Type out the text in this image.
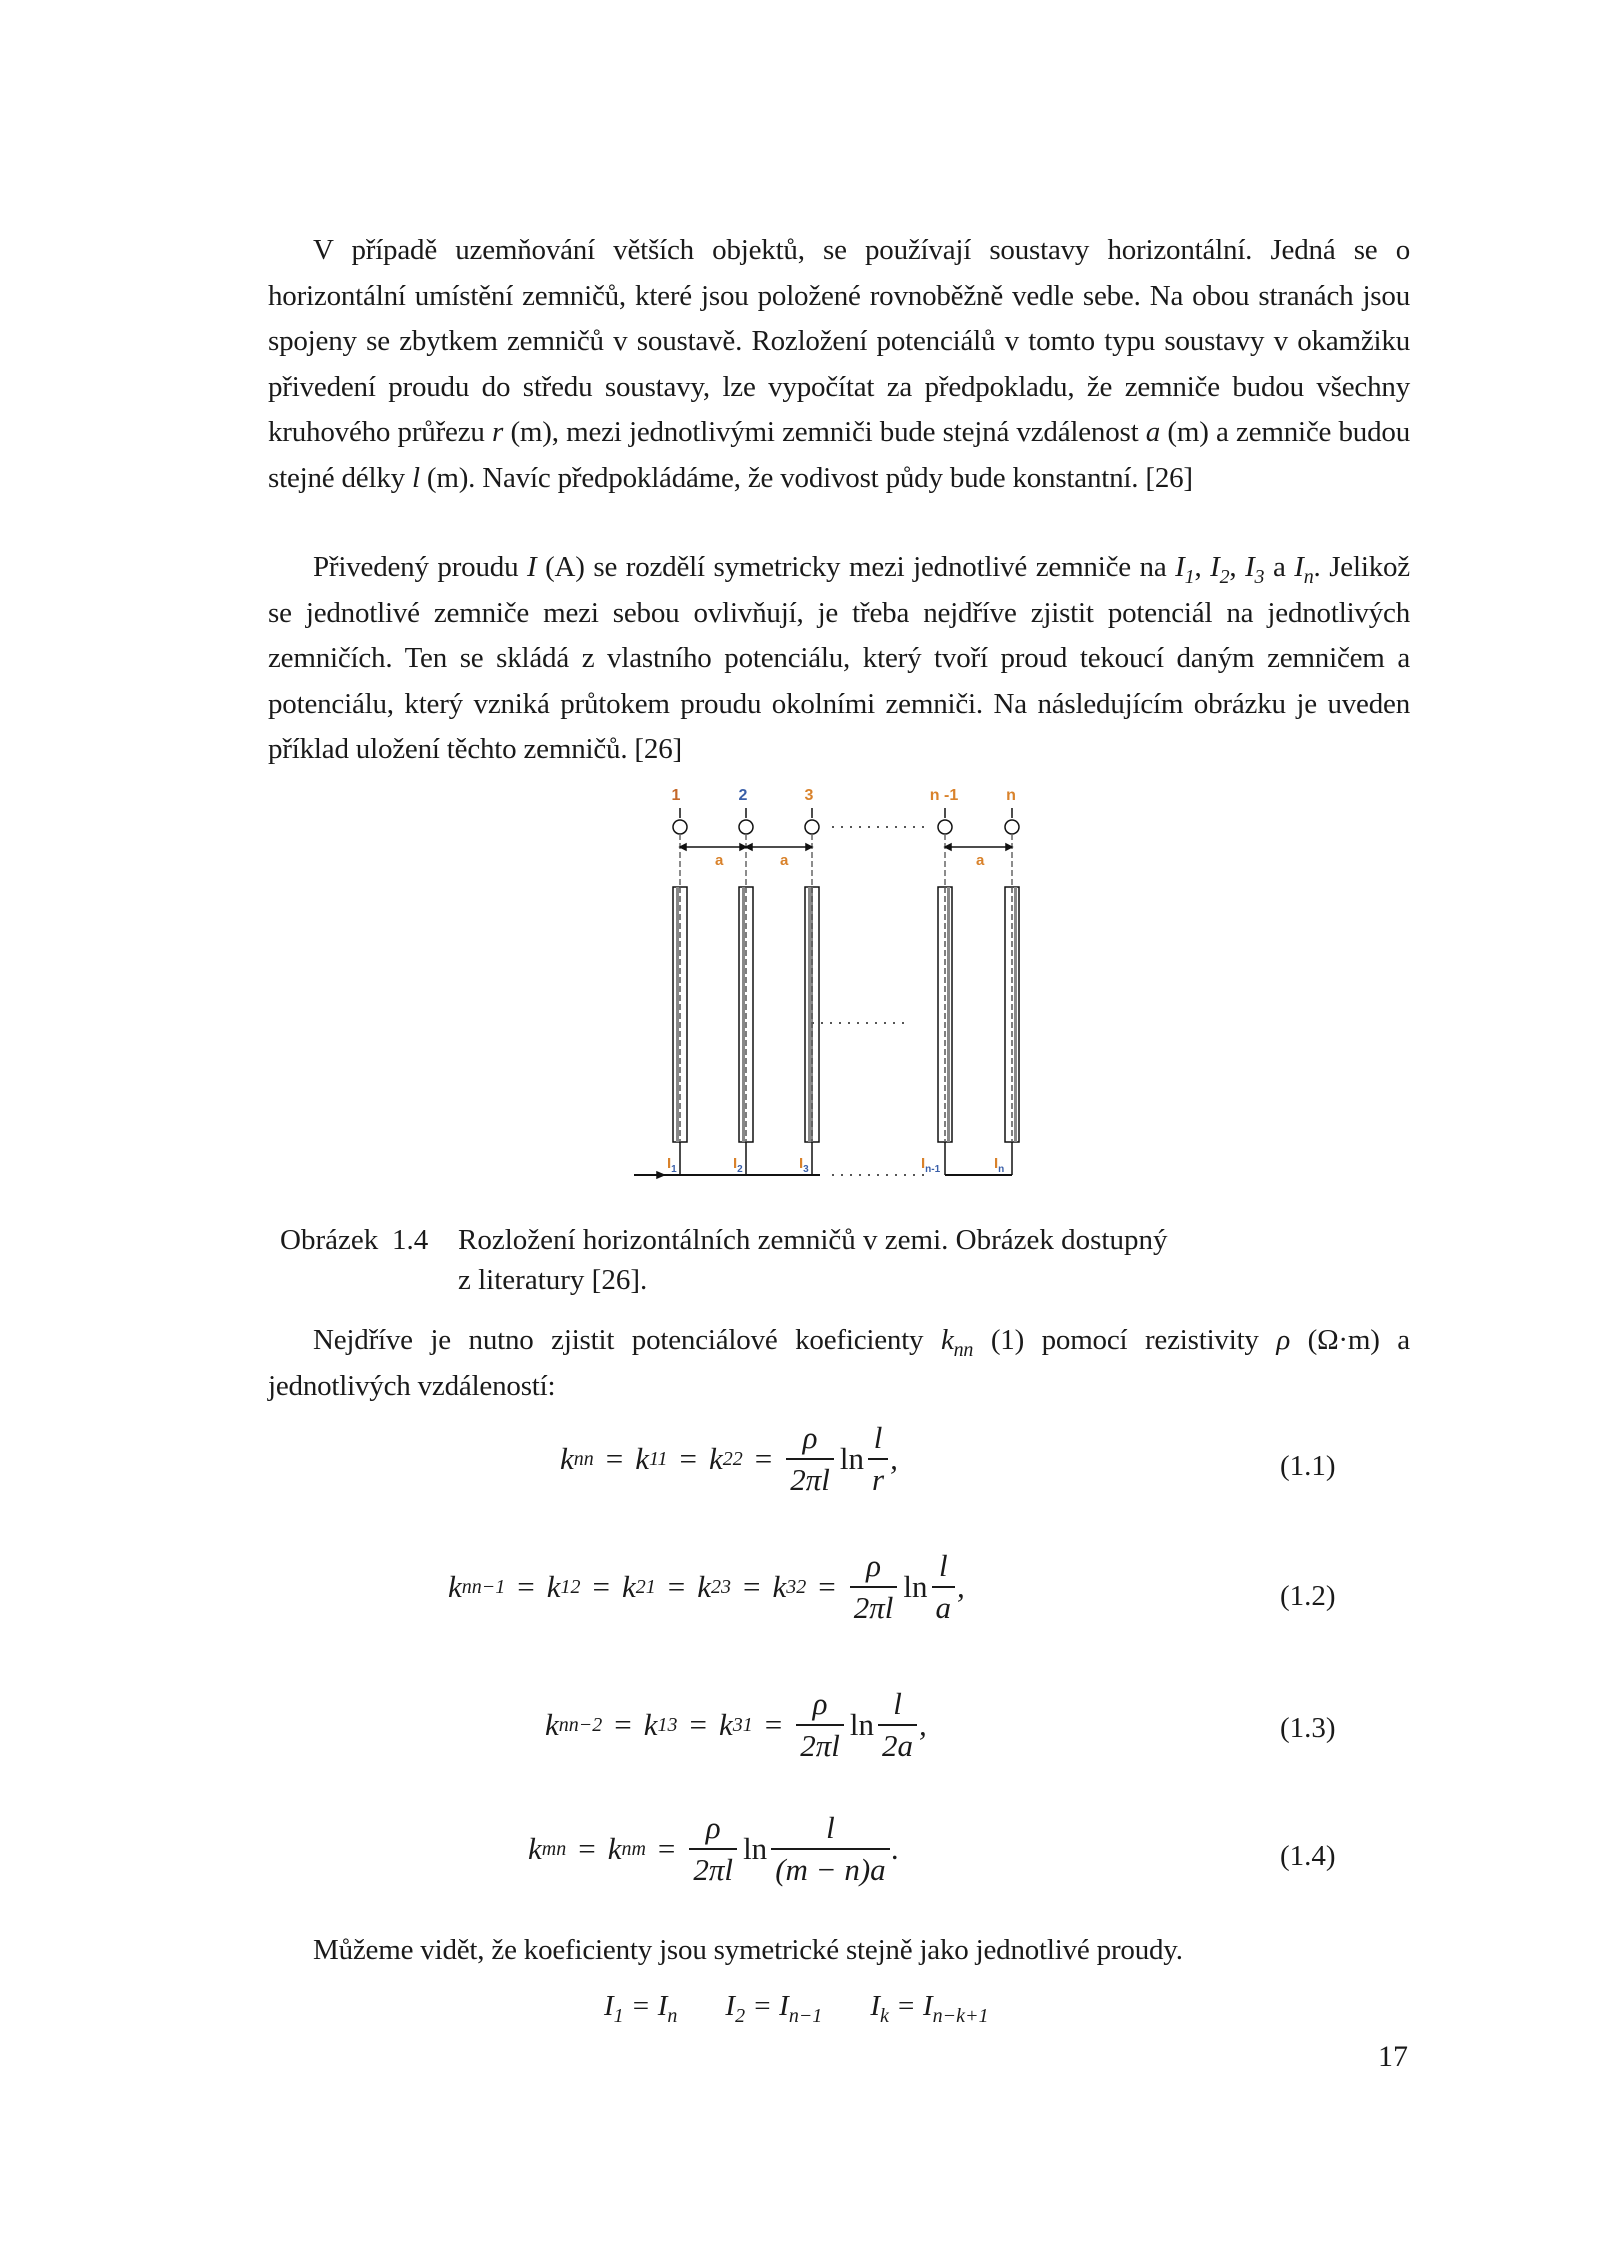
V případě uzemňování větších objektů, se používají soustavy horizontální. Jedná se o horizontální umístění zemničů, které jsou položené rovnoběžně vedle sebe. Na obou stranách jsou spojeny se zbytkem zemničů v soustavě. Rozložení potenciálů v tomto typu soustavy v okamžiku přivedení proudu do středu soustavy, lze vypočítat za předpokladu, že zemniče budou všechny kruhového průřezu r (m), mezi jednotlivými zemniči bude stejná vzdálenost a (m) a zemniče budou stejné délky l (m). Navíc předpokládáme, že vodivost půdy bude konstantní. [26]
Přivedený proudu I (A) se rozdělí symetricky mezi jednotlivé zemniče na $I_1$, $I_2$, $I_3$ a $I_n$. Jelikož se jednotlivé zemniče mezi sebou ovlivňují, je třeba nejdříve zjistit potenciál na jednotlivých zemničích. Ten se skládá z vlastního potenciálu, který tvoří proud tekoucí daným zemničem a potenciálu, který vzniká průtokem proudu okolními zemniči. Na následujícím obrázku je uveden příklad uložení těchto zemničů. [26]
1	2	3	n -1	n
a	a	a
$I_1$	$I_2$	$I_3$	$I_{n-1}$	$I_n$
Obrázek 1.4 Rozložení horizontálních zemničů v zemi. Obrázek dostupný
z literatury [26].
Nejdříve je nutno zjistit potenciálové koeficienty $k_{nn}$ (1) pomocí rezistivity ρ (Ω·m) a jednotlivých vzdáleností:
k nn = k 11 = k $22 = \frac{\rho}{2\pi l}$ $\ln \frac{l}{r}$ ,	(1.1)
k nn−1 = k 12 = k 21 = k 23 = k $32 = \frac{\rho}{2\pi l}$ $\ln \frac{l}{a}$ ,	(1.2)
k nn−2 = k 13 = k $31 = \frac{\rho}{2\pi l}$ $\ln \frac{l}{2a}$ ,	(1.3)
k mn = k nm = $\frac{\rho}{2\pi l}$ $\ln \frac{l}{(m - n)a}$ .	(1.4)
Můžeme vidět, že koeficienty jsou symetrické stejně jako jednotlivé proudy.
$I_1 = I_n$ $I_2 = I_{n-1}$ $I_k = I_{n-k+1}$
17
